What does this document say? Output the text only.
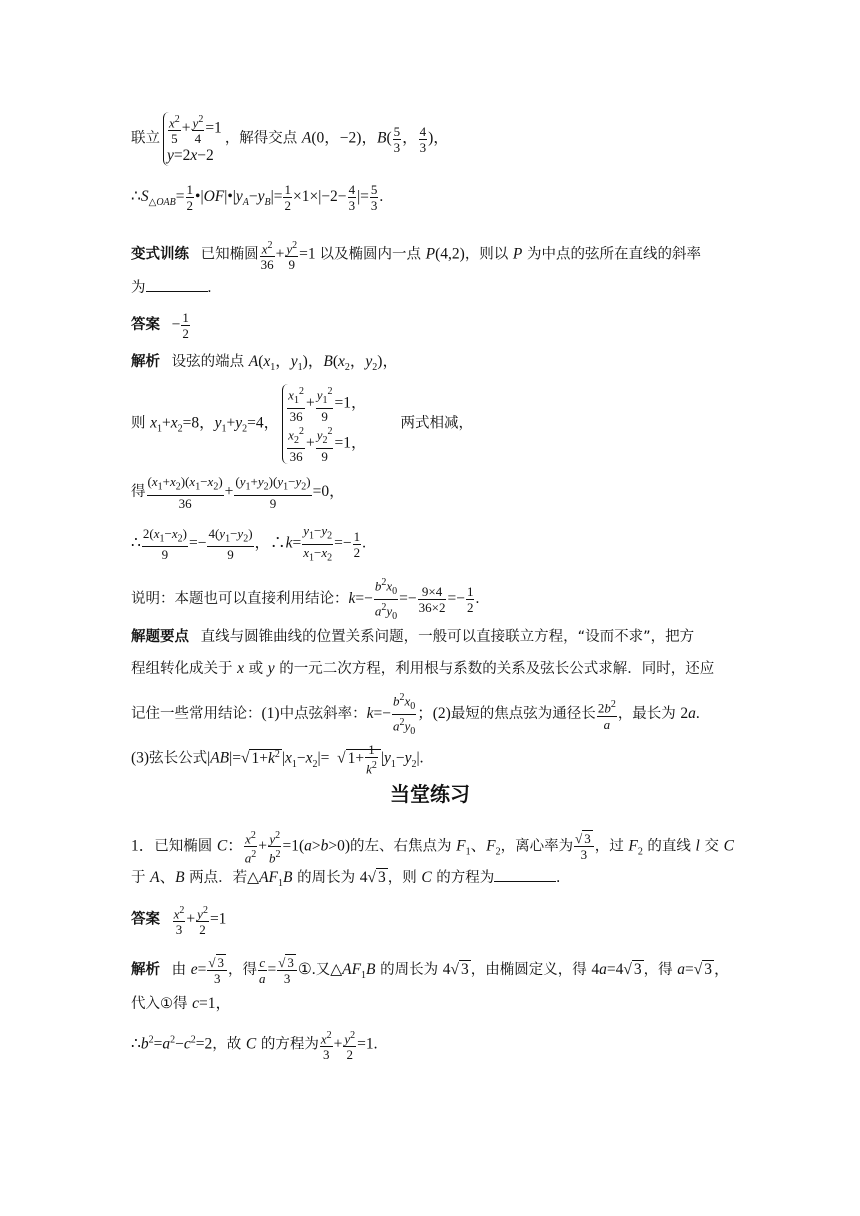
联立 $\frac{x^2}{5} + \frac{y^2}{4} =1$
y=2x−2
，解得交点 A(0，−2)，$B( \frac{5}{3}$ ， $\frac{4}{3}$ )，
$\therefore S_{\triangle OAB}= \frac{1}{2}$ $•|OF|•|y_A-y_B|= \frac{1}{2} \times 1\times|-2- \frac{4}{3}$ |= $\frac{5}{3}$ .
变式训练 已知椭圆 $\frac{x^2}{36} + \frac{y^2}{9} =1$ 以及椭圆内一点 P(4,2)，则以 P 为中点的弦所在直线的斜率
为	.
答案   − $\frac{1}{2}$
解析 设弦的端点 $A(x_1$，$y_1$)，$B(x_2$，$y_2$)，
则 $x_1+x_2=8$，$y_1+y_2=4$， $\frac{x_1^2}{36} + \frac{y_1^2}{9} =1$，
$\frac{x_2^2}{36} + \frac{y_2^2}{9} =1$，
两式相减，
得 $\frac{(x_1+x_2)(x_1-x_2)}{36} + \frac{(y_1+y_2)(y_1-y_2)}{9} =0$，
∴ $\frac{2(x_1-x_2)}{9} =- \frac{4(y_1-y_2)}{9}$ ，∴k= $\frac{y_1-y_2}{x_1-x_2} =- \frac{1}{2}$ .
说明：本题也可以直接利用结论：$k=- \frac{b^2x_0}{a^2y_0} =- \frac{9\times 4}{36\times 2} =- \frac{1}{2}$ .
解题要点 直线与圆锥曲线的位置关系问题，一般可以直接联立方程，“设而不求”，把方
程组转化成关于 x 或 y 的一元二次方程，利用根与系数的关系及弦长公式求解．同时，还应
记住一些常用结论：(1)中点弦斜率：$k=- \frac{b^2x_0}{a^2y_0}$ ；(2)最短的焦点弦为通径长 $\frac{2b^2}{a}$ ，最长为 2a.
(3)弦长公式|AB|=√ $1+k^2$ $|x_1-x_2|=$  √ $1+ \frac{1}{k^2} |y_1-y_2|$.
当堂练习
1．已知椭圆 C： $\frac{x^2}{a^2} + \frac{y^2}{b^2} =1(a>b>0)$的左、右焦点为 $F_1$、$F_2$，离心率为 $\frac{√ 3}{3}$ ，过 $F_2$ 的直线 l 交 C
于 A、B 两点．若$\triangle AF_1B$ 的周长为 4√ 3 ，则 C 的方程为	.
答案 $\frac{x^2}{3} + \frac{y^2}{2} =1$
解析 由 $e= \frac{√ 3}{3}$ ，得 $\frac{c}{a} = \frac{√ 3}{3}$ ①.又$\triangle AF_1B$ 的周长为 4√ 3 ，由椭圆定义，得 4a=4√ 3 ，得 a=√ 3 ，
代入①得 c=1，
$\therefore b^2=a^2-c^2=2$，故 C 的方程为 $\frac{x^2}{3} + \frac{y^2}{2} =1$.
